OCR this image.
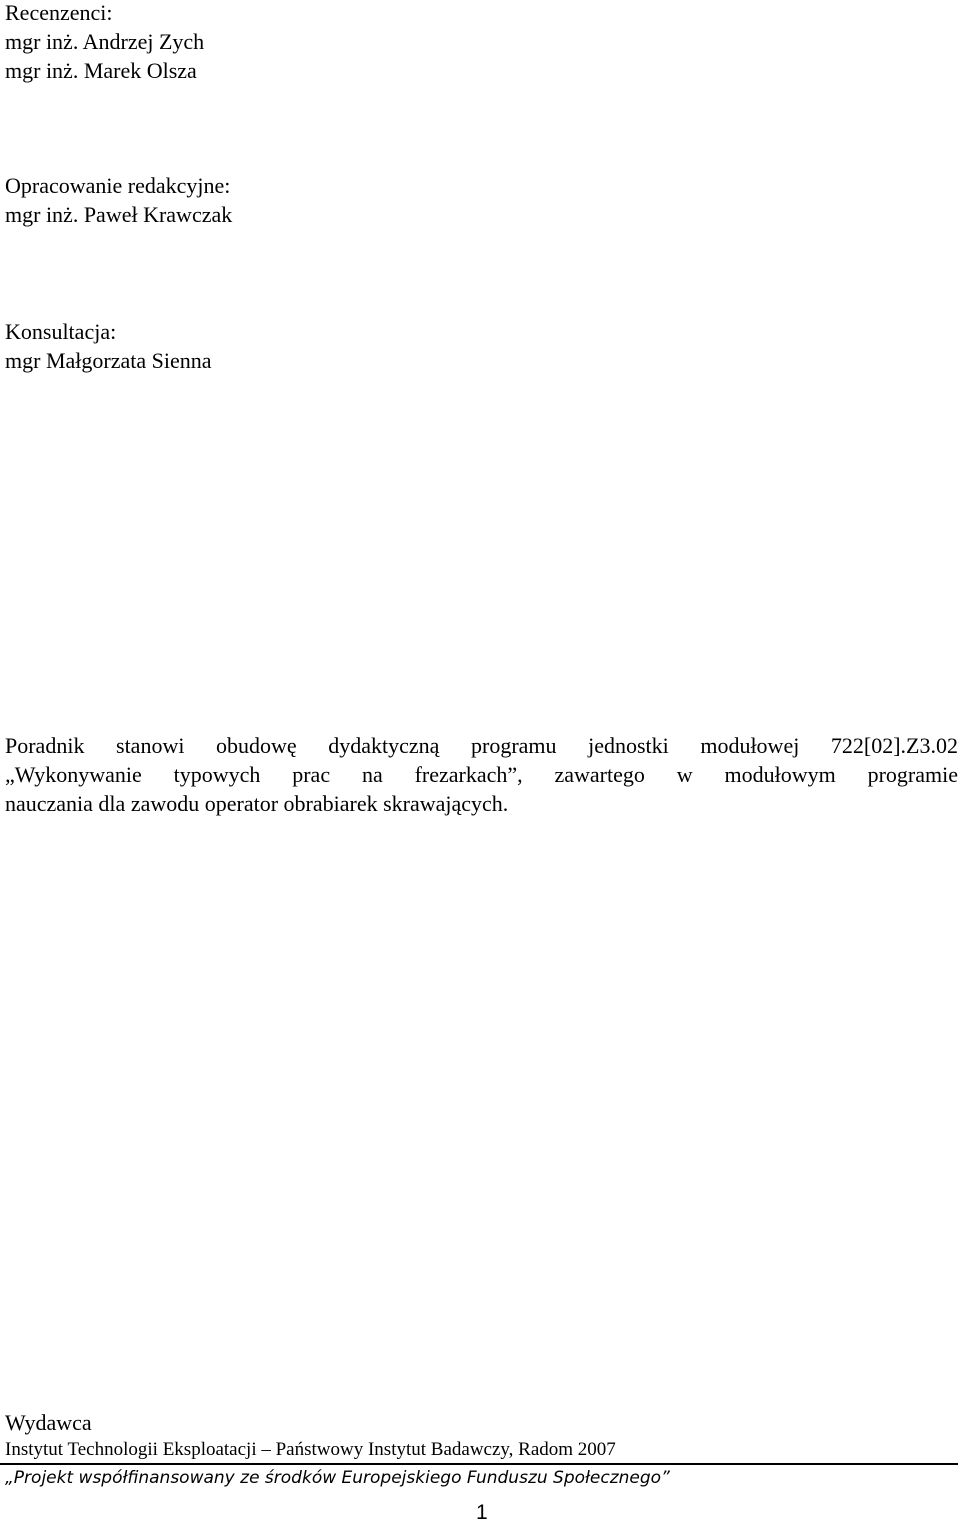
Recenzenci:
mgr inż. Andrzej Zych
mgr inż. Marek Olsza
Opracowanie redakcyjne:
mgr inż. Paweł Krawczak
Konsultacja:
mgr Małgorzata Sienna
Poradnik stanowi obudowę dydaktyczną programu jednostki modułowej 722[02].Z3.02
„Wykonywanie typowych prac na frezarkach”, zawartego w modułowym programie
nauczania dla zawodu operator obrabiarek skrawających.
Wydawca
Instytut Technologii Eksploatacji – Państwowy Instytut Badawczy, Radom 2007
„Projekt współfinansowany ze środków Europejskiego Funduszu Społecznego”
1
